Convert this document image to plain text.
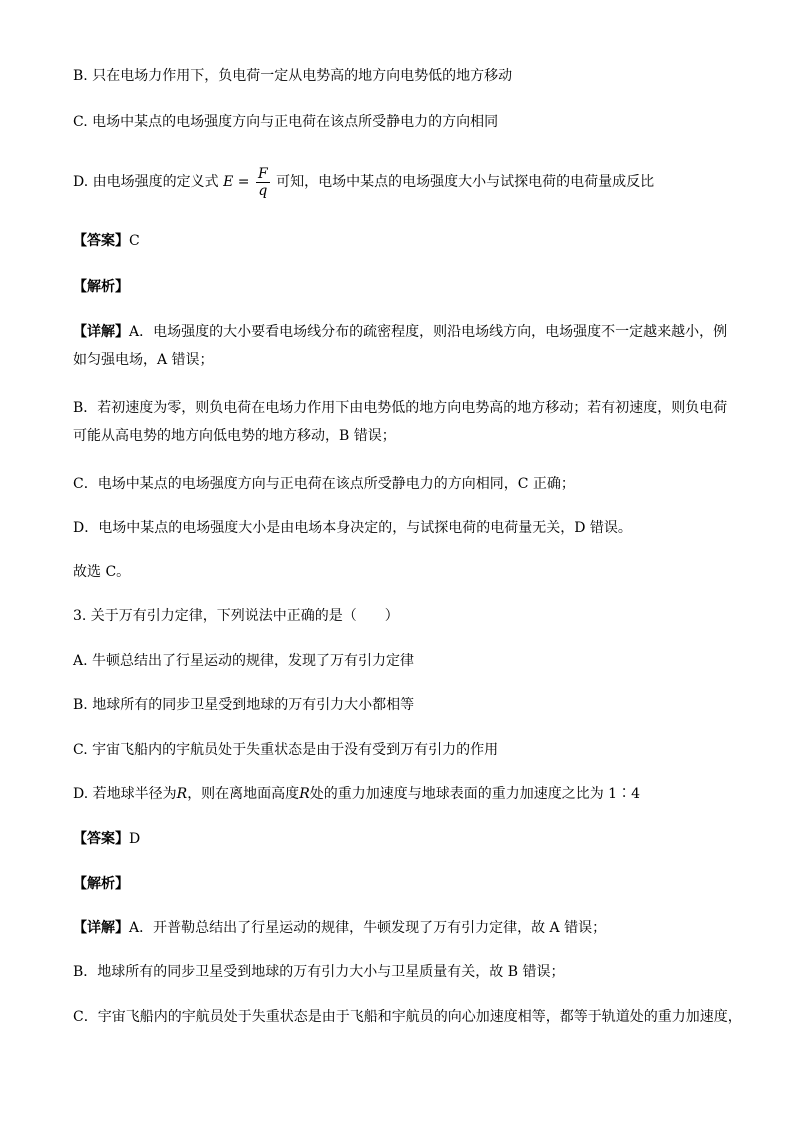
B. 只在电场力作用下，负电荷一定从电势高的地方向电势低的地方移动
C. 电场中某点的电场强度方向与正电荷在该点所受静电力的方向相同
D. 由电场强度的定义式 $E = \frac{F}{q}$ 可知，电场中某点的电场强度大小与试探电荷的电荷量成反比
【答案】C
【解析】
【详解】A．电场强度的大小要看电场线分布的疏密程度，则沿电场线方向，电场强度不一定越来越小，例
如匀强电场，A 错误；
B．若初速度为零，则负电荷在电场力作用下由电势低的地方向电势高的地方移动；若有初速度，则负电荷
可能从高电势的地方向低电势的地方移动，B 错误；
C．电场中某点的电场强度方向与正电荷在该点所受静电力的方向相同，C 正确；
D．电场中某点的电场强度大小是由电场本身决定的，与试探电荷的电荷量无关，D 错误。
故选 C。
3. 关于万有引力定律，下列说法中正确的是（　　）
A. 牛顿总结出了行星运动的规律，发现了万有引力定律
B. 地球所有的同步卫星受到地球的万有引力大小都相等
C. 宇宙飞船内的宇航员处于失重状态是由于没有受到万有引力的作用
D. 若地球半径为R，则在离地面高度R处的重力加速度与地球表面的重力加速度之比为 1∶4
【答案】D
【解析】
【详解】A．开普勒总结出了行星运动的规律，牛顿发现了万有引力定律，故 A 错误；
B．地球所有的同步卫星受到地球的万有引力大小与卫星质量有关，故 B 错误；
C．宇宙飞船内的宇航员处于失重状态是由于飞船和宇航员的向心加速度相等，都等于轨道处的重力加速度，
